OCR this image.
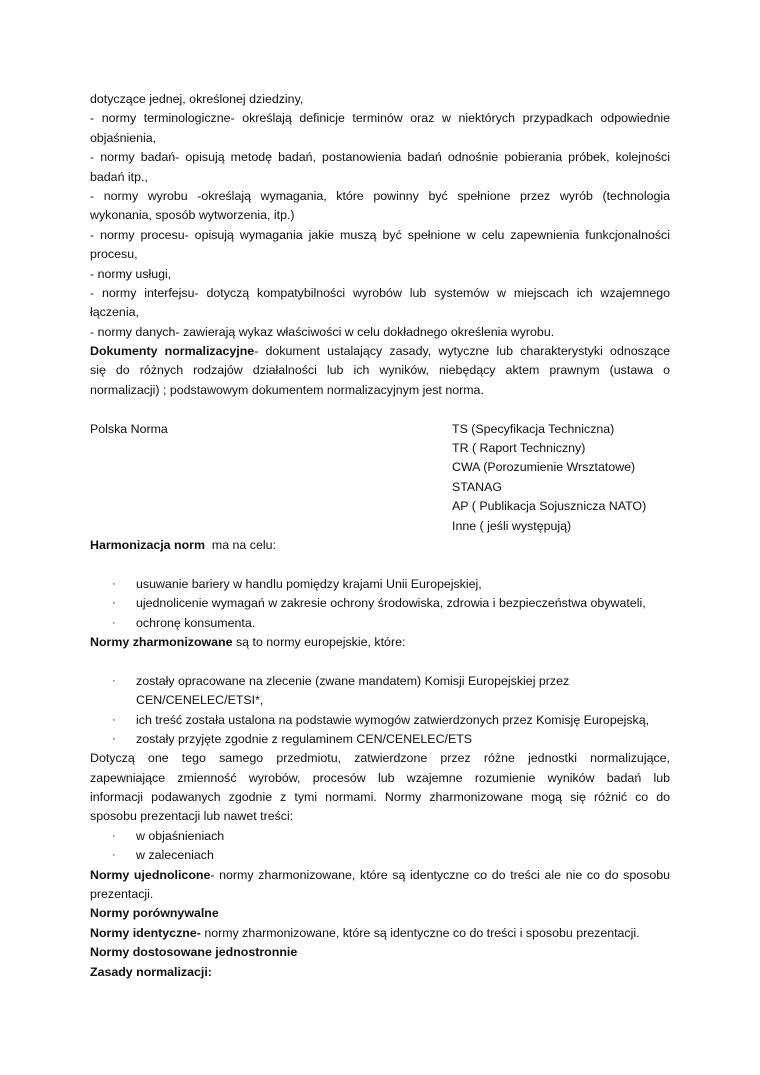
dotyczące jednej, określonej dziedziny,
- normy terminologiczne- określają definicje terminów oraz w niektórych przypadkach odpowiednie
objaśnienia,
- normy badań- opisują metodę badań, postanowienia badań odnośnie pobierania próbek, kolejności
badań itp.,
- normy wyrobu -określają wymagania, które powinny być spełnione przez wyrób (technologia
wykonania, sposób wytworzenia, itp.)
- normy procesu- opisują wymagania jakie muszą być spełnione w celu zapewnienia funkcjonalności
procesu,
- normy usługi,
- normy interfejsu- dotyczą kompatybilności wyrobów lub systemów w miejscach ich wzajemnego
łączenia,
- normy danych- zawierają wykaz właściwości w celu dokładnego określenia wyrobu.
Dokumenty normalizacyjne- dokument ustalający zasady, wytyczne lub charakterystyki odnoszące
się do różnych rodzajów działalności lub ich wyników, niebędący aktem prawnym (ustawa o
normalizacji) ; podstawowym dokumentem normalizacyjnym jest norma.
Polska Norma	TS (Specyfikacja Techniczna)
TR ( Raport Techniczny)
CWA (Porozumienie Wrsztatowe)
STANAG
AP ( Publikacja Sojusznicza NATO)
Inne ( jeśli występują)
Harmonizacja norm ma na celu:
· usuwanie bariery w handlu pomiędzy krajami Unii Europejskiej,
· ujednolicenie wymagań w zakresie ochrony środowiska, zdrowia i bezpieczeństwa obywateli,
· ochronę konsumenta.
Normy zharmonizowane są to normy europejskie, które:
· zostały opracowane na zlecenie (zwane mandatem) Komisji Europejskiej przez
CEN/CENELEC/ETSI*,
· ich treść została ustalona na podstawie wymogów zatwierdzonych przez Komisję Europejską,
· zostały przyjęte zgodnie z regulaminem CEN/CENELEC/ETS
Dotyczą one tego samego przedmiotu, zatwierdzone przez różne jednostki normalizujące,
zapewniające zmienność wyrobów, procesów lub wzajemne rozumienie wyników badań lub
informacji podawanych zgodnie z tymi normami. Normy zharmonizowane mogą się różnić co do
sposobu prezentacji lub nawet treści:
· w objaśnieniach
· w zaleceniach
Normy ujednolicone- normy zharmonizowane, które są identyczne co do treści ale nie co do sposobu
prezentacji.
Normy porównywalne
Normy identyczne- normy zharmonizowane, które są identyczne co do treści i sposobu prezentacji.
Normy dostosowane jednostronnie
Zasady normalizacji:
